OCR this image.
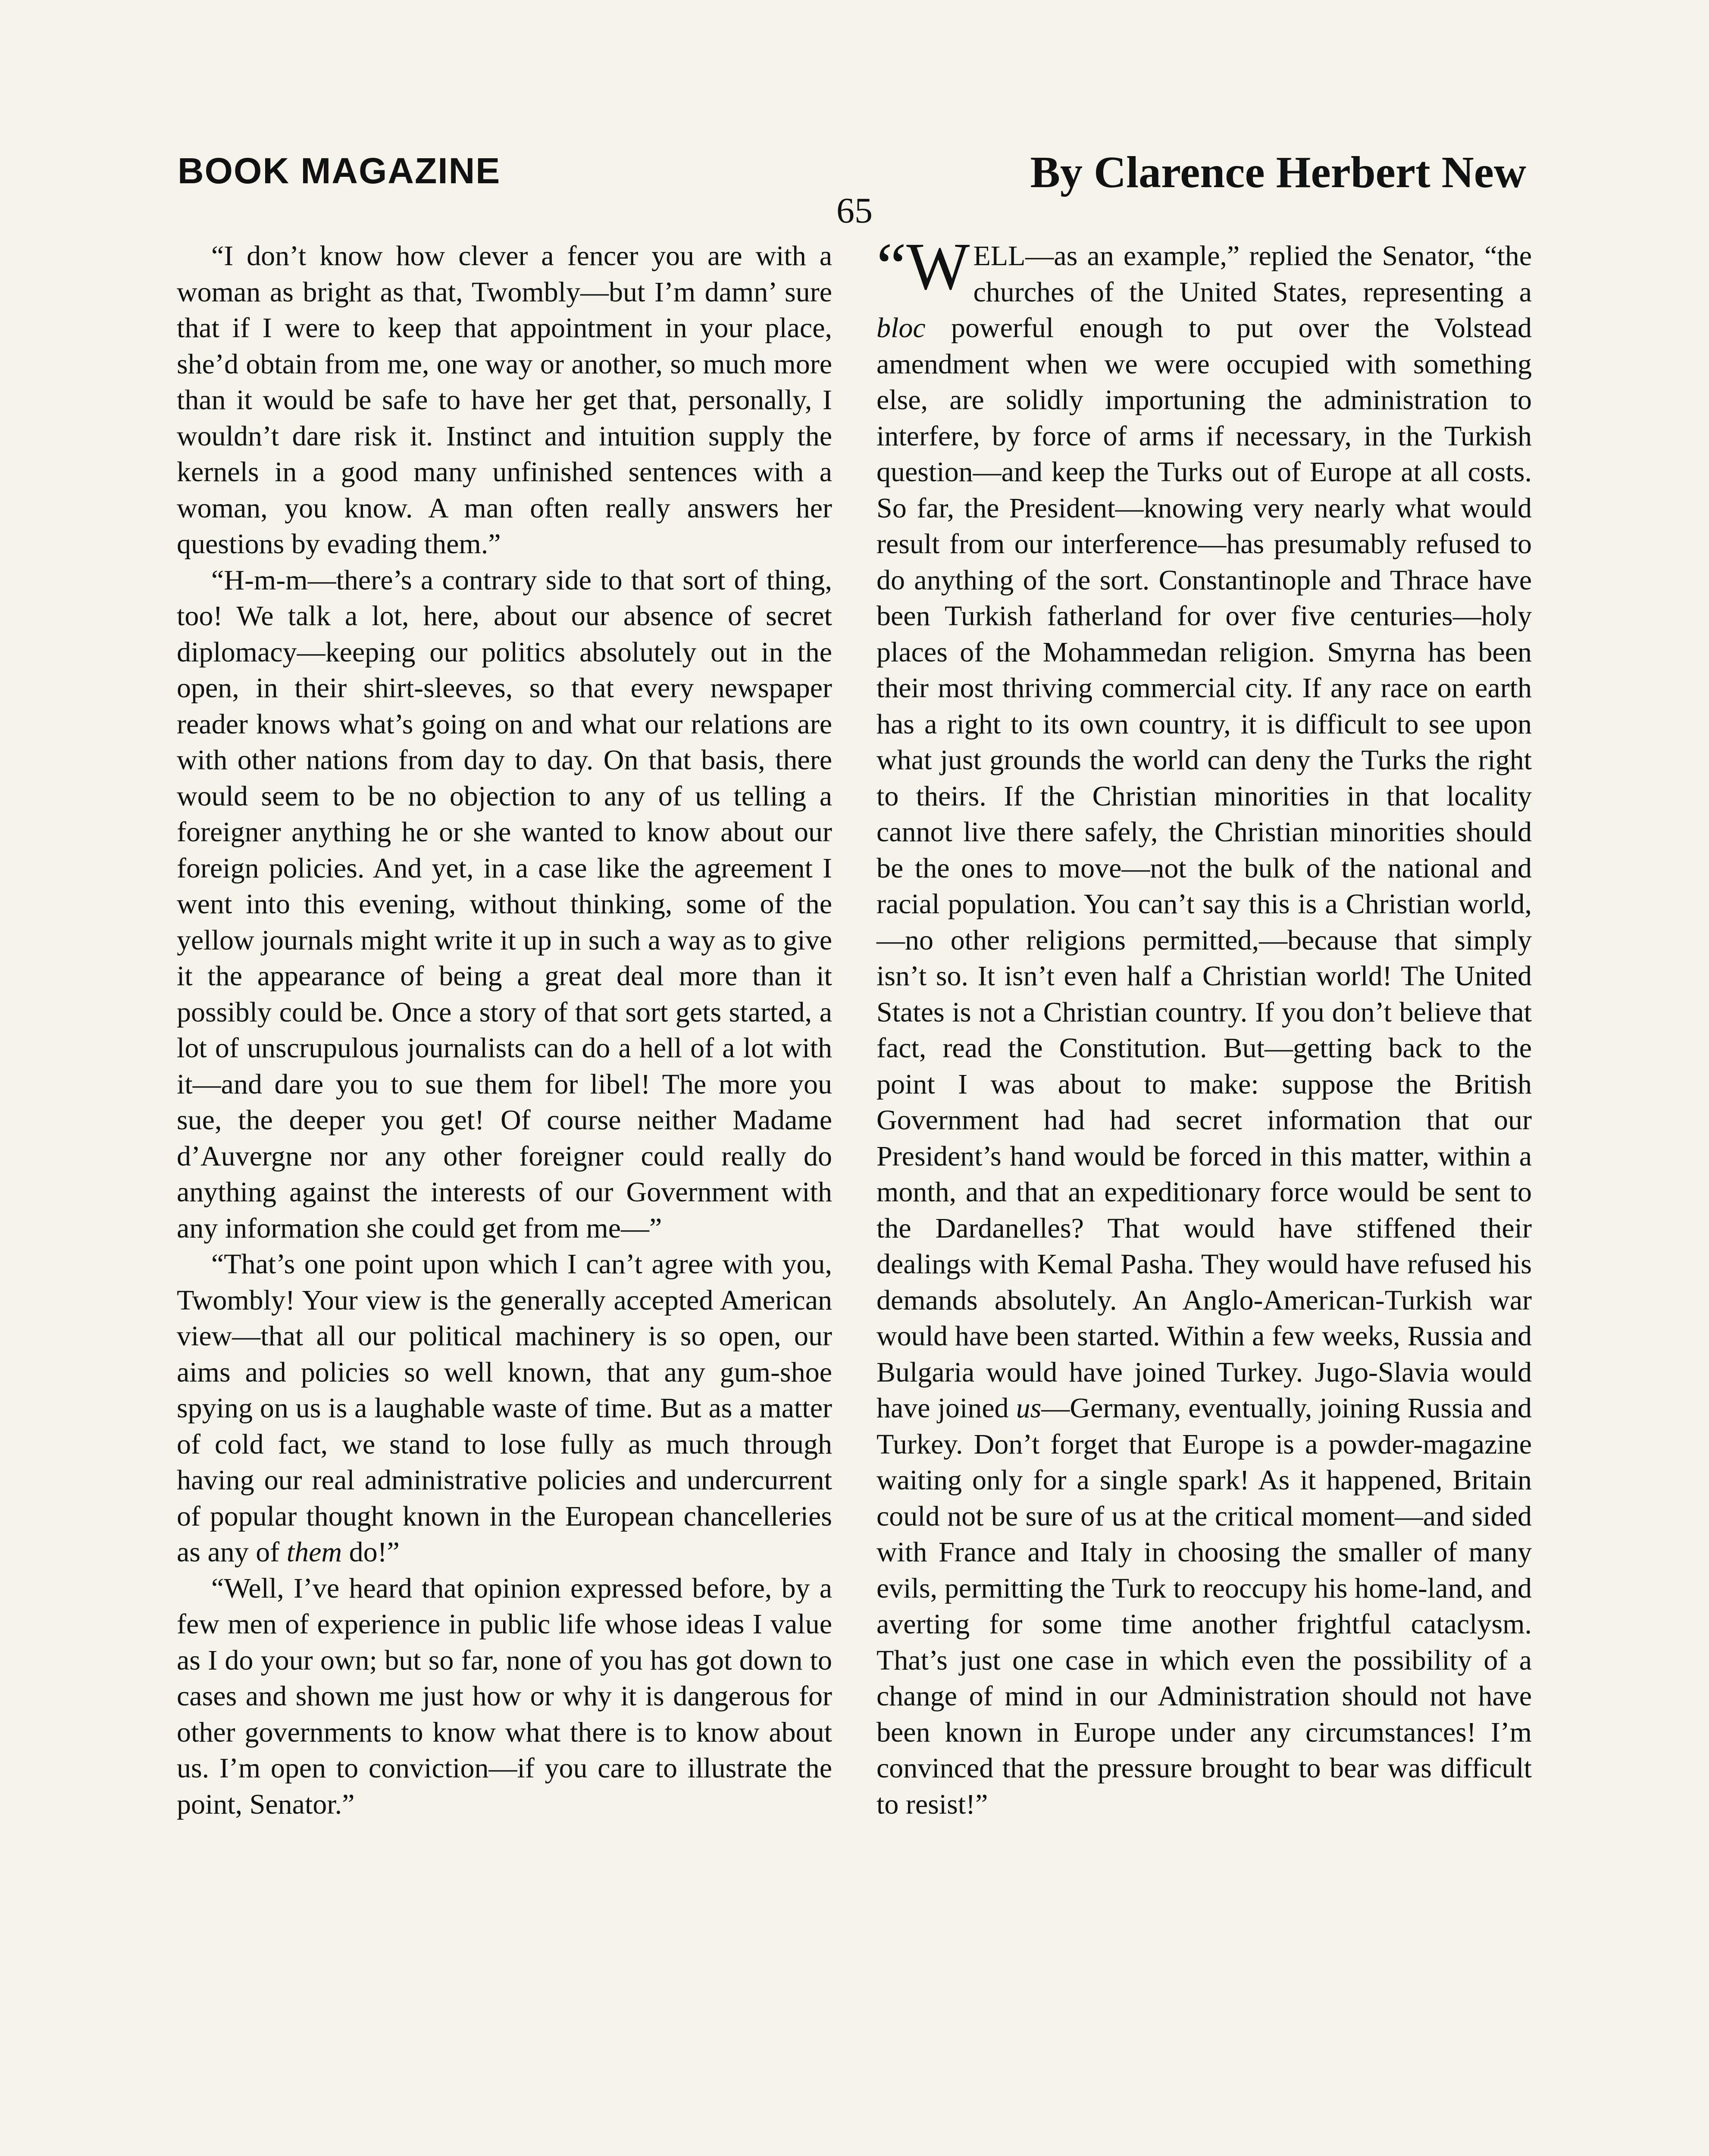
BOOK MAGAZINE	By Clarence Herbert New
65

“I don’t know how clever a fencer you are with a woman as bright as that, Twombly—but I’m damn’ sure that if I were to keep that appointment in your place, she’d obtain from me, one way or another, so much more than it would be safe to have her get that, personally, I wouldn’t dare risk it. Instinct and intuition supply the kernels in a good many unfinished sentences with a woman, you know. A man often really answers her questions by evading them.”

“H-m-m—there’s a contrary side to that sort of thing, too! We talk a lot, here, about our absence of secret diplomacy—keeping our politics absolutely out in the open, in their shirt-sleeves, so that every newspaper reader knows what’s going on and what our relations are with other nations from day to day. On that basis, there would seem to be no objection to any of us telling a foreigner anything he or she wanted to know about our foreign policies. And yet, in a case like the agreement I went into this evening, without thinking, some of the yellow journals might write it up in such a way as to give it the appearance of being a great deal more than it possibly could be. Once a story of that sort gets started, a lot of unscrupulous journalists can do a hell of a lot with it—and dare you to sue them for libel! The more you sue, the deeper you get! Of course neither Madame d’Auvergne nor any other foreigner could really do anything against the interests of our Government with any information she could get from me—”

“That’s one point upon which I can’t agree with you, Twombly! Your view is the generally accepted American view—that all our political machinery is so open, our aims and policies so well known, that any gum-shoe spying on us is a laughable waste of time. But as a matter of cold fact, we stand to lose fully as much through having our real administrative policies and undercurrent of popular thought known in the European chancelleries as any of them do!”

“Well, I’ve heard that opinion expressed before, by a few men of experience in public life whose ideas I value as I do your own; but so far, none of you has got down to cases and shown me just how or why it is dangerous for other governments to know what there is to know about us. I’m open to conviction—if you care to illustrate the point, Senator.”

“WELL—as an example,” replied the Senator, “the churches of the United States, representing a bloc powerful enough to put over the Volstead amendment when we were occupied with something else, are solidly importuning the administration to interfere, by force of arms if necessary, in the Turkish question—and keep the Turks out of Europe at all costs. So far, the President—knowing very nearly what would result from our interference—has presumably refused to do anything of the sort. Constantinople and Thrace have been Turkish fatherland for over five centuries—holy places of the Mohammedan religion. Smyrna has been their most thriving commercial city. If any race on earth has a right to its own country, it is difficult to see upon what just grounds the world can deny the Turks the right to theirs. If the Christian minorities in that locality cannot live there safely, the Christian minorities should be the ones to move—not the bulk of the national and racial population. You can’t say this is a Christian world,—no other religions permitted,—because that simply isn’t so. It isn’t even half a Christian world! The United States is not a Christian country. If you don’t believe that fact, read the Constitution. But—getting back to the point I was about to make: suppose the British Government had had secret information that our President’s hand would be forced in this matter, within a month, and that an expeditionary force would be sent to the Dardanelles? That would have stiffened their dealings with Kemal Pasha. They would have refused his demands absolutely. An Anglo-American-Turkish war would have been started. Within a few weeks, Russia and Bulgaria would have joined Turkey. Jugo-Slavia would have joined us—Germany, eventually, joining Russia and Turkey. Don’t forget that Europe is a powder-magazine waiting only for a single spark! As it happened, Britain could not be sure of us at the critical moment—and sided with France and Italy in choosing the smaller of many evils, permitting the Turk to reoccupy his home-land, and averting for some time another frightful cataclysm. That’s just one case in which even the possibility of a change of mind in our Administration should not have been known in Europe under any circumstances! I’m convinced that the pressure brought to bear was difficult to resist!”
